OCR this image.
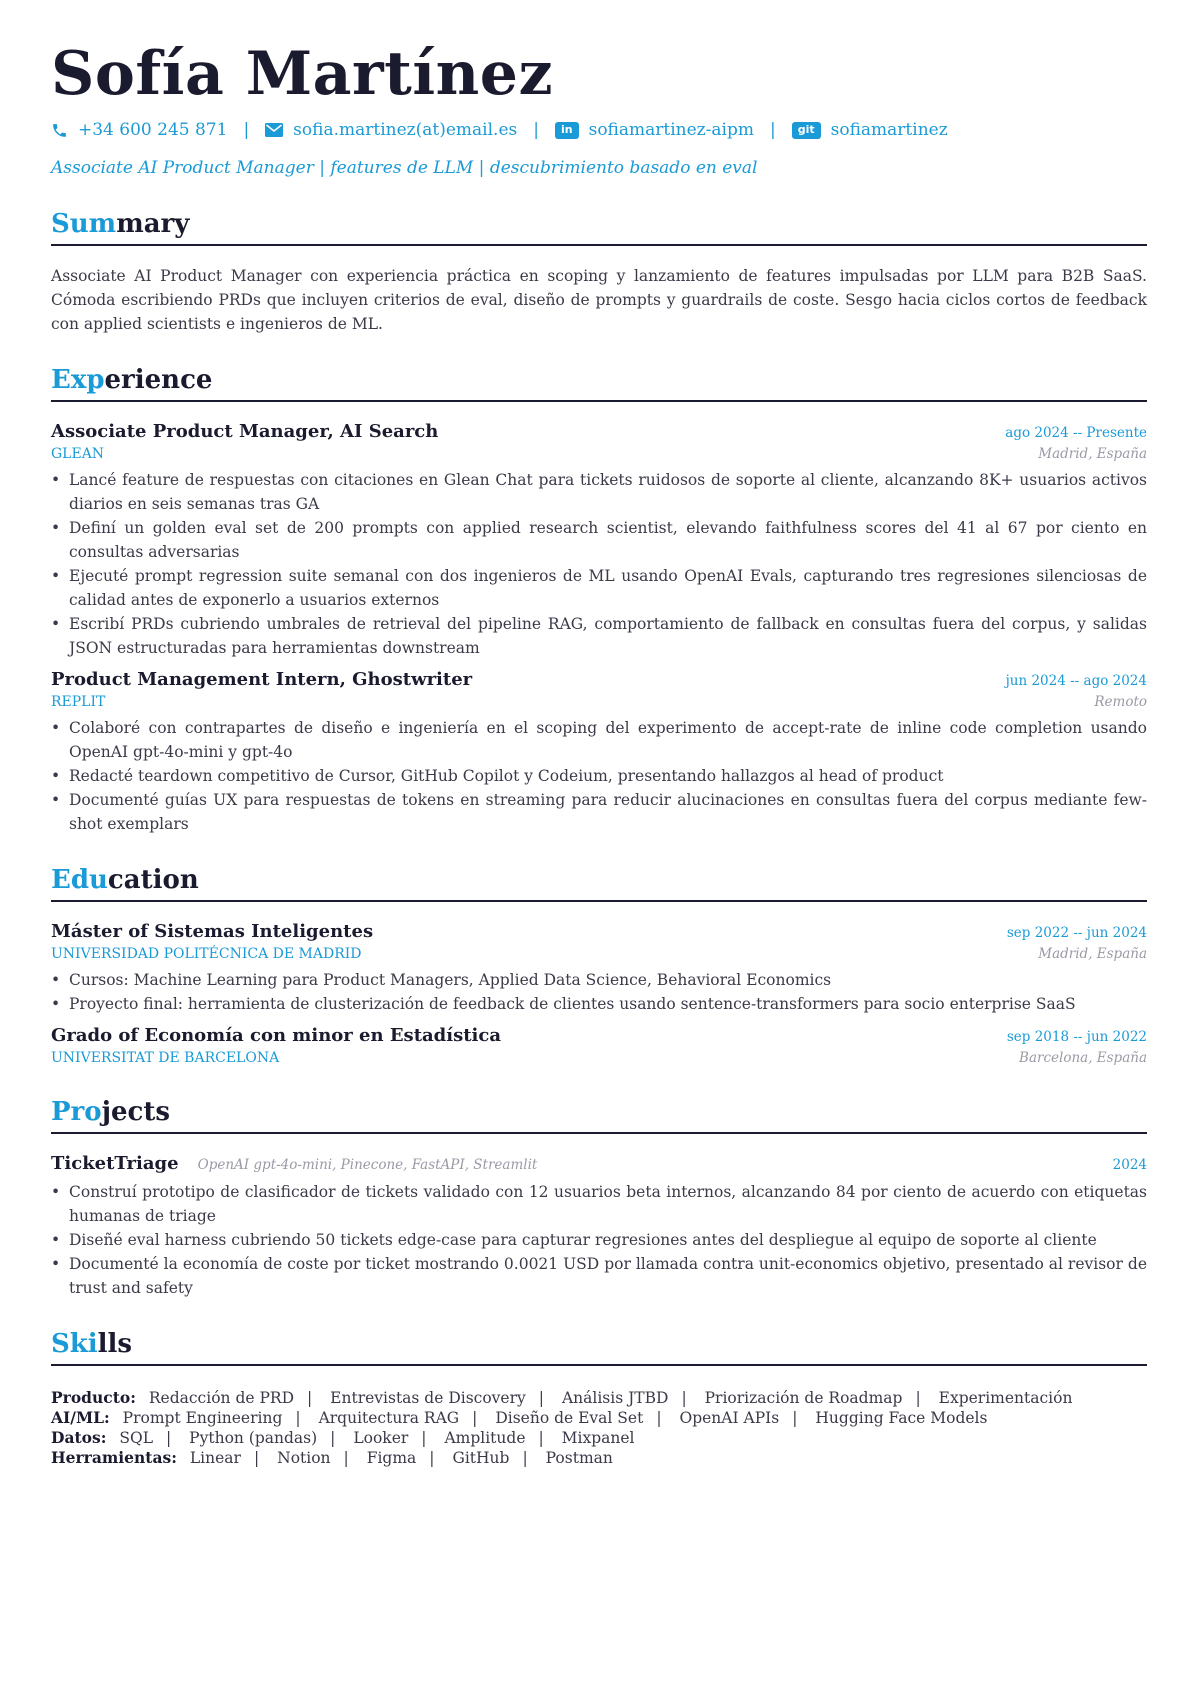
Sofía Martínez
+34 600 245 871 |	sofia.martinez(at)email.es |	in sofiamartinez-aipm |	git sofiamartinez
Associate AI Product Manager | features de LLM | descubrimiento basado en eval
Summary

Associate AI Product Manager con experiencia práctica en scoping y lanzamiento de features impulsadas por LLM para B2B SaaS. Cómoda escribiendo PRDs que incluyen criterios de eval, diseño de prompts y guardrails de coste. Sesgo hacia ciclos cortos de feedback con applied scientists e ingenieros de ML.

Experience
Associate Product Manager, AI Search	ago 2024 -- Presente
GLEAN	Madrid, España
• Lancé feature de respuestas con citaciones en Glean Chat para tickets ruidosos de soporte al cliente, alcanzando 8K+ usuarios activos diarios en seis semanas tras GA
• Definí un golden eval set de 200 prompts con applied research scientist, elevando faithfulness scores del 41 al 67 por ciento en consultas adversarias
• Ejecuté prompt regression suite semanal con dos ingenieros de ML usando OpenAI Evals, capturando tres regresiones silenciosas de calidad antes de exponerlo a usuarios externos
• Escribí PRDs cubriendo umbrales de retrieval del pipeline RAG, comportamiento de fallback en consultas fuera del corpus, y salidas JSON estructuradas para herramientas downstream
Product Management Intern, Ghostwriter	jun 2024 -- ago 2024
REPLIT	Remoto
• Colaboré con contrapartes de diseño e ingeniería en el scoping del experimento de accept-rate de inline code completion usando OpenAI gpt-4o-mini y gpt-4o
• Redacté teardown competitivo de Cursor, GitHub Copilot y Codeium, presentando hallazgos al head of product
• Documenté guías UX para respuestas de tokens en streaming para reducir alucinaciones en consultas fuera del corpus mediante few-shot exemplars
Education
Máster of Sistemas Inteligentes	sep 2022 -- jun 2024
UNIVERSIDAD POLITÉCNICA DE MADRID	Madrid, España
• Cursos: Machine Learning para Product Managers, Applied Data Science, Behavioral Economics
• Proyecto final: herramienta de clusterización de feedback de clientes usando sentence-transformers para socio enterprise SaaS
Grado of Economía con minor en Estadística	sep 2018 -- jun 2022
UNIVERSITAT DE BARCELONA	Barcelona, España
Projects
TicketTriage OpenAI gpt-4o-mini, Pinecone, FastAPI, Streamlit	2024
• Construí prototipo de clasificador de tickets validado con 12 usuarios beta internos, alcanzando 84 por ciento de acuerdo con etiquetas humanas de triage
• Diseñé eval harness cubriendo 50 tickets edge-case para capturar regresiones antes del despliegue al equipo de soporte al cliente
• Documenté la economía de coste por ticket mostrando 0.0021 USD por llamada contra unit-economics objetivo, presentado al revisor de trust and safety
Skills
Producto: Redacción de PRD | Entrevistas de Discovery | Análisis JTBD | Priorización de Roadmap | Experimentación
AI/ML: Prompt Engineering | Arquitectura RAG | Diseño de Eval Set | OpenAI APIs | Hugging Face Models
Datos: SQL | Python (pandas) | Looker | Amplitude | Mixpanel
Herramientas: Linear | Notion | Figma | GitHub | Postman
